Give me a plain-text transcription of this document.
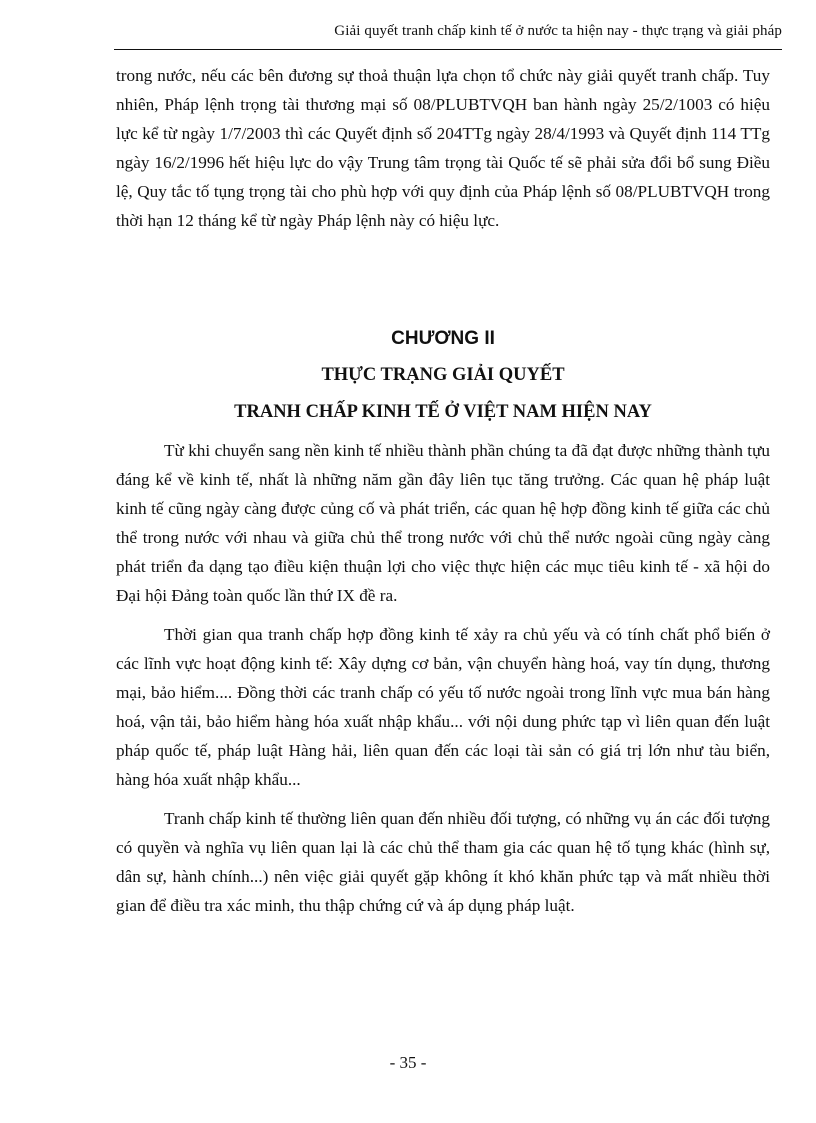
Giải quyết tranh chấp kinh tế ở nước ta hiện nay - thực trạng và giải pháp

trong nước, nếu các bên đương sự thoả thuận lựa chọn tổ chức này giải quyết tranh chấp. Tuy nhiên, Pháp lệnh trọng tài thương mại số 08/PLUBTVQH ban hành ngày 25/2/1003 có hiệu lực kể từ ngày 1/7/2003 thì các Quyết định số 204TTg ngày 28/4/1993 và Quyết định 114 TTg ngày 16/2/1996 hết hiệu lực do vậy Trung tâm trọng tài Quốc tế sẽ phải sửa đổi bổ sung Điều lệ, Quy tắc tố tụng trọng tài cho phù hợp với quy định của Pháp lệnh số 08/PLUBTVQH trong thời hạn 12 tháng kể từ ngày Pháp lệnh này có hiệu lực.

CHƯƠNG II
THỰC TRẠNG GIẢI QUYẾT
TRANH CHẤP KINH TẾ Ở VIỆT NAM HIỆN NAY

Từ khi chuyển sang nền kinh tế nhiều thành phần chúng ta đã đạt được những thành tựu đáng kể về kinh tế, nhất là những năm gần đây liên tục tăng trưởng. Các quan hệ pháp luật kinh tế cũng ngày càng được củng cố và phát triển, các quan hệ hợp đồng kinh tế giữa các chủ thể trong nước với nhau và giữa chủ thể trong nước với chủ thể nước ngoài cũng ngày càng phát triển đa dạng tạo điều kiện thuận lợi cho việc thực hiện các mục tiêu kinh tế - xã hội do Đại hội Đảng toàn quốc lần thứ IX đề ra.

Thời gian qua tranh chấp hợp đồng kinh tế xảy ra chủ yếu và có tính chất phổ biến ở các lĩnh vực hoạt động kinh tế: Xây dựng cơ bản, vận chuyển hàng hoá, vay tín dụng, thương mại, bảo hiểm.... Đồng thời các tranh chấp có yếu tố nước ngoài trong lĩnh vực mua bán hàng hoá, vận tải, bảo hiểm hàng hóa xuất nhập khẩu... với nội dung phức tạp vì liên quan đến luật pháp quốc tế, pháp luật Hàng hải, liên quan đến các loại tài sản có giá trị lớn như tàu biển, hàng hóa xuất nhập khẩu...

Tranh chấp kinh tế thường liên quan đến nhiều đối tượng, có những vụ án các đối tượng có quyền và nghĩa vụ liên quan lại là các chủ thể tham gia các quan hệ tố tụng khác (hình sự, dân sự, hành chính...) nên việc giải quyết gặp không ít khó khăn phức tạp và mất nhiều thời gian để điều tra xác minh, thu thập chứng cứ và áp dụng pháp luật.

- 35 -
